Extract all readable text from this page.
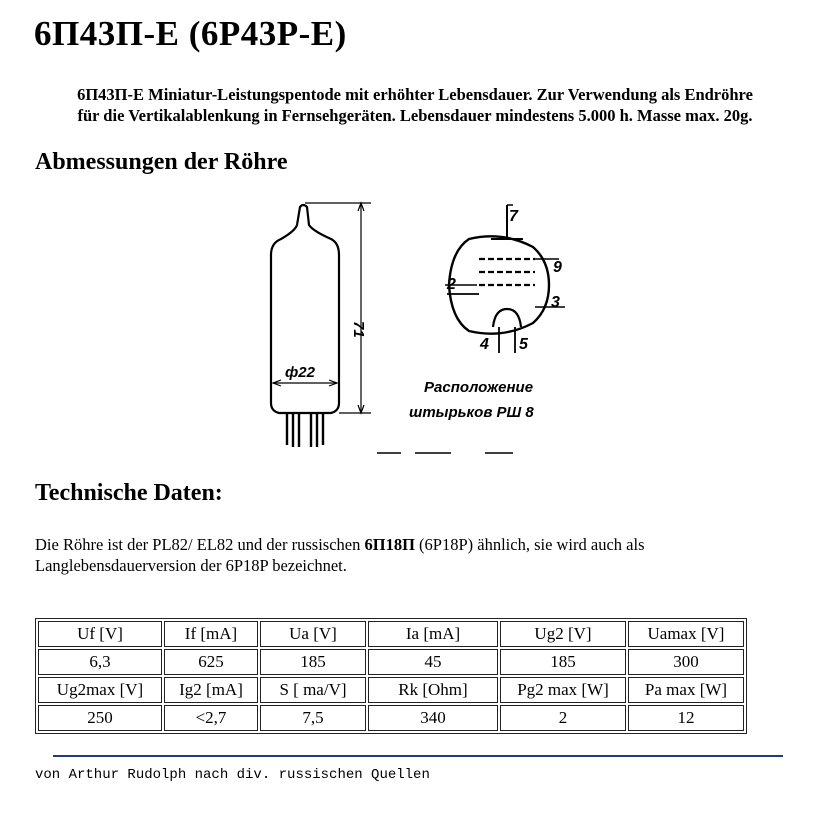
6П43П-Е (6P43P-E)
6П43П-Е Miniatur-Leistungspentode mit erhöhter Lebensdauer. Zur Verwendung als Endröhre
für die Vertikalablenkung in Fernsehgeräten. Lebensdauer mindestens 5.000 h. Masse max. 20g.
Abmessungen der Röhre
71
ф22
7
2
9
3
4 5
Расположение
штырьков РШ 8
Technische Daten:
Die Röhre ist der PL82/ EL82 und der russischen 6П18П (6P18P) ähnlich, sie wird auch als
Langlebensdauerversion der 6P18P bezeichnet.
Uf [V]	If [mA]	Ua [V]	Ia [mA]	Ug2 [V]	Uamax [V]
6,3	625	185	45	185	300
Ug2max [V]	Ig2 [mA]	S [ ma/V]	Rk [Ohm]	Pg2 max [W]	Pa max [W]
250	<2,7	7,5	340	2	12
von Arthur Rudolph nach div. russischen Quellen
